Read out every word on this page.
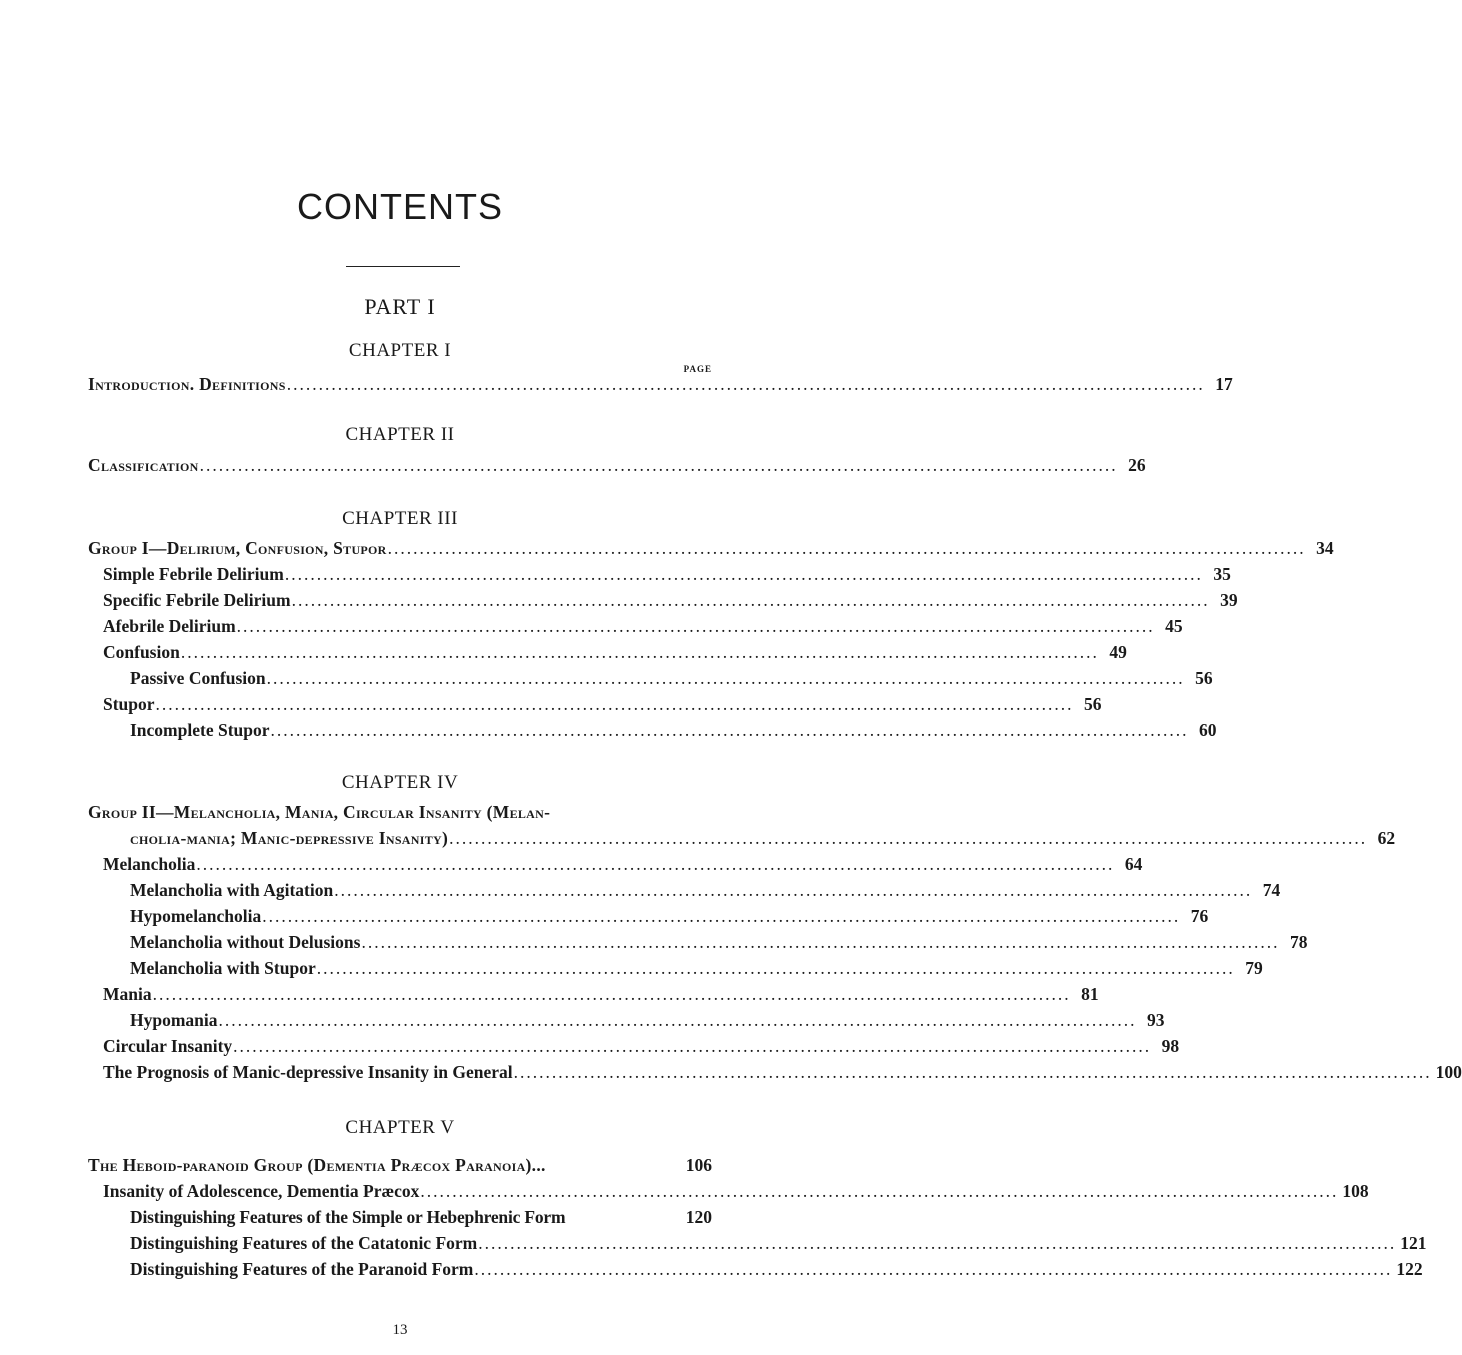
CONTENTS
PART I
CHAPTER I
PAGE
Introduction. Definitions ................................................................................................................................................ 17
CHAPTER II
Classification ................................................................................................................................................ 26
CHAPTER III
Group I—Delirium, Confusion, Stupor ................................................................................................................................................ 34
Simple Febrile Delirium ................................................................................................................................................ 35
Specific Febrile Delirium ................................................................................................................................................ 39
Afebrile Delirium ................................................................................................................................................ 45
Confusion ................................................................................................................................................ 49
Passive Confusion ................................................................................................................................................ 56
Stupor ................................................................................................................................................ 56
Incomplete Stupor ................................................................................................................................................ 60
CHAPTER IV
Group II—Melancholia, Mania, Circular Insanity (Melan-
cholia-mania; Manic-depressive Insanity) ................................................................................................................................................ 62
Melancholia ................................................................................................................................................ 64
Melancholia with Agitation ................................................................................................................................................ 74
Hypomelancholia ................................................................................................................................................ 76
Melancholia without Delusions ................................................................................................................................................ 78
Melancholia with Stupor ................................................................................................................................................ 79
Mania ................................................................................................................................................ 81
Hypomania ................................................................................................................................................ 93
Circular Insanity ................................................................................................................................................ 98
The Prognosis of Manic-depressive Insanity in General ................................................................................................................................................ 100
CHAPTER V
The Heboid-paranoid Group (Dementia Præcox Paranoia)...	106
Insanity of Adolescence, Dementia Præcox ................................................................................................................................................ 108
Distinguishing Features of the Simple or Hebephrenic Form	120
Distinguishing Features of the Catatonic Form ................................................................................................................................................ 121
Distinguishing Features of the Paranoid Form ................................................................................................................................................ 122
13
